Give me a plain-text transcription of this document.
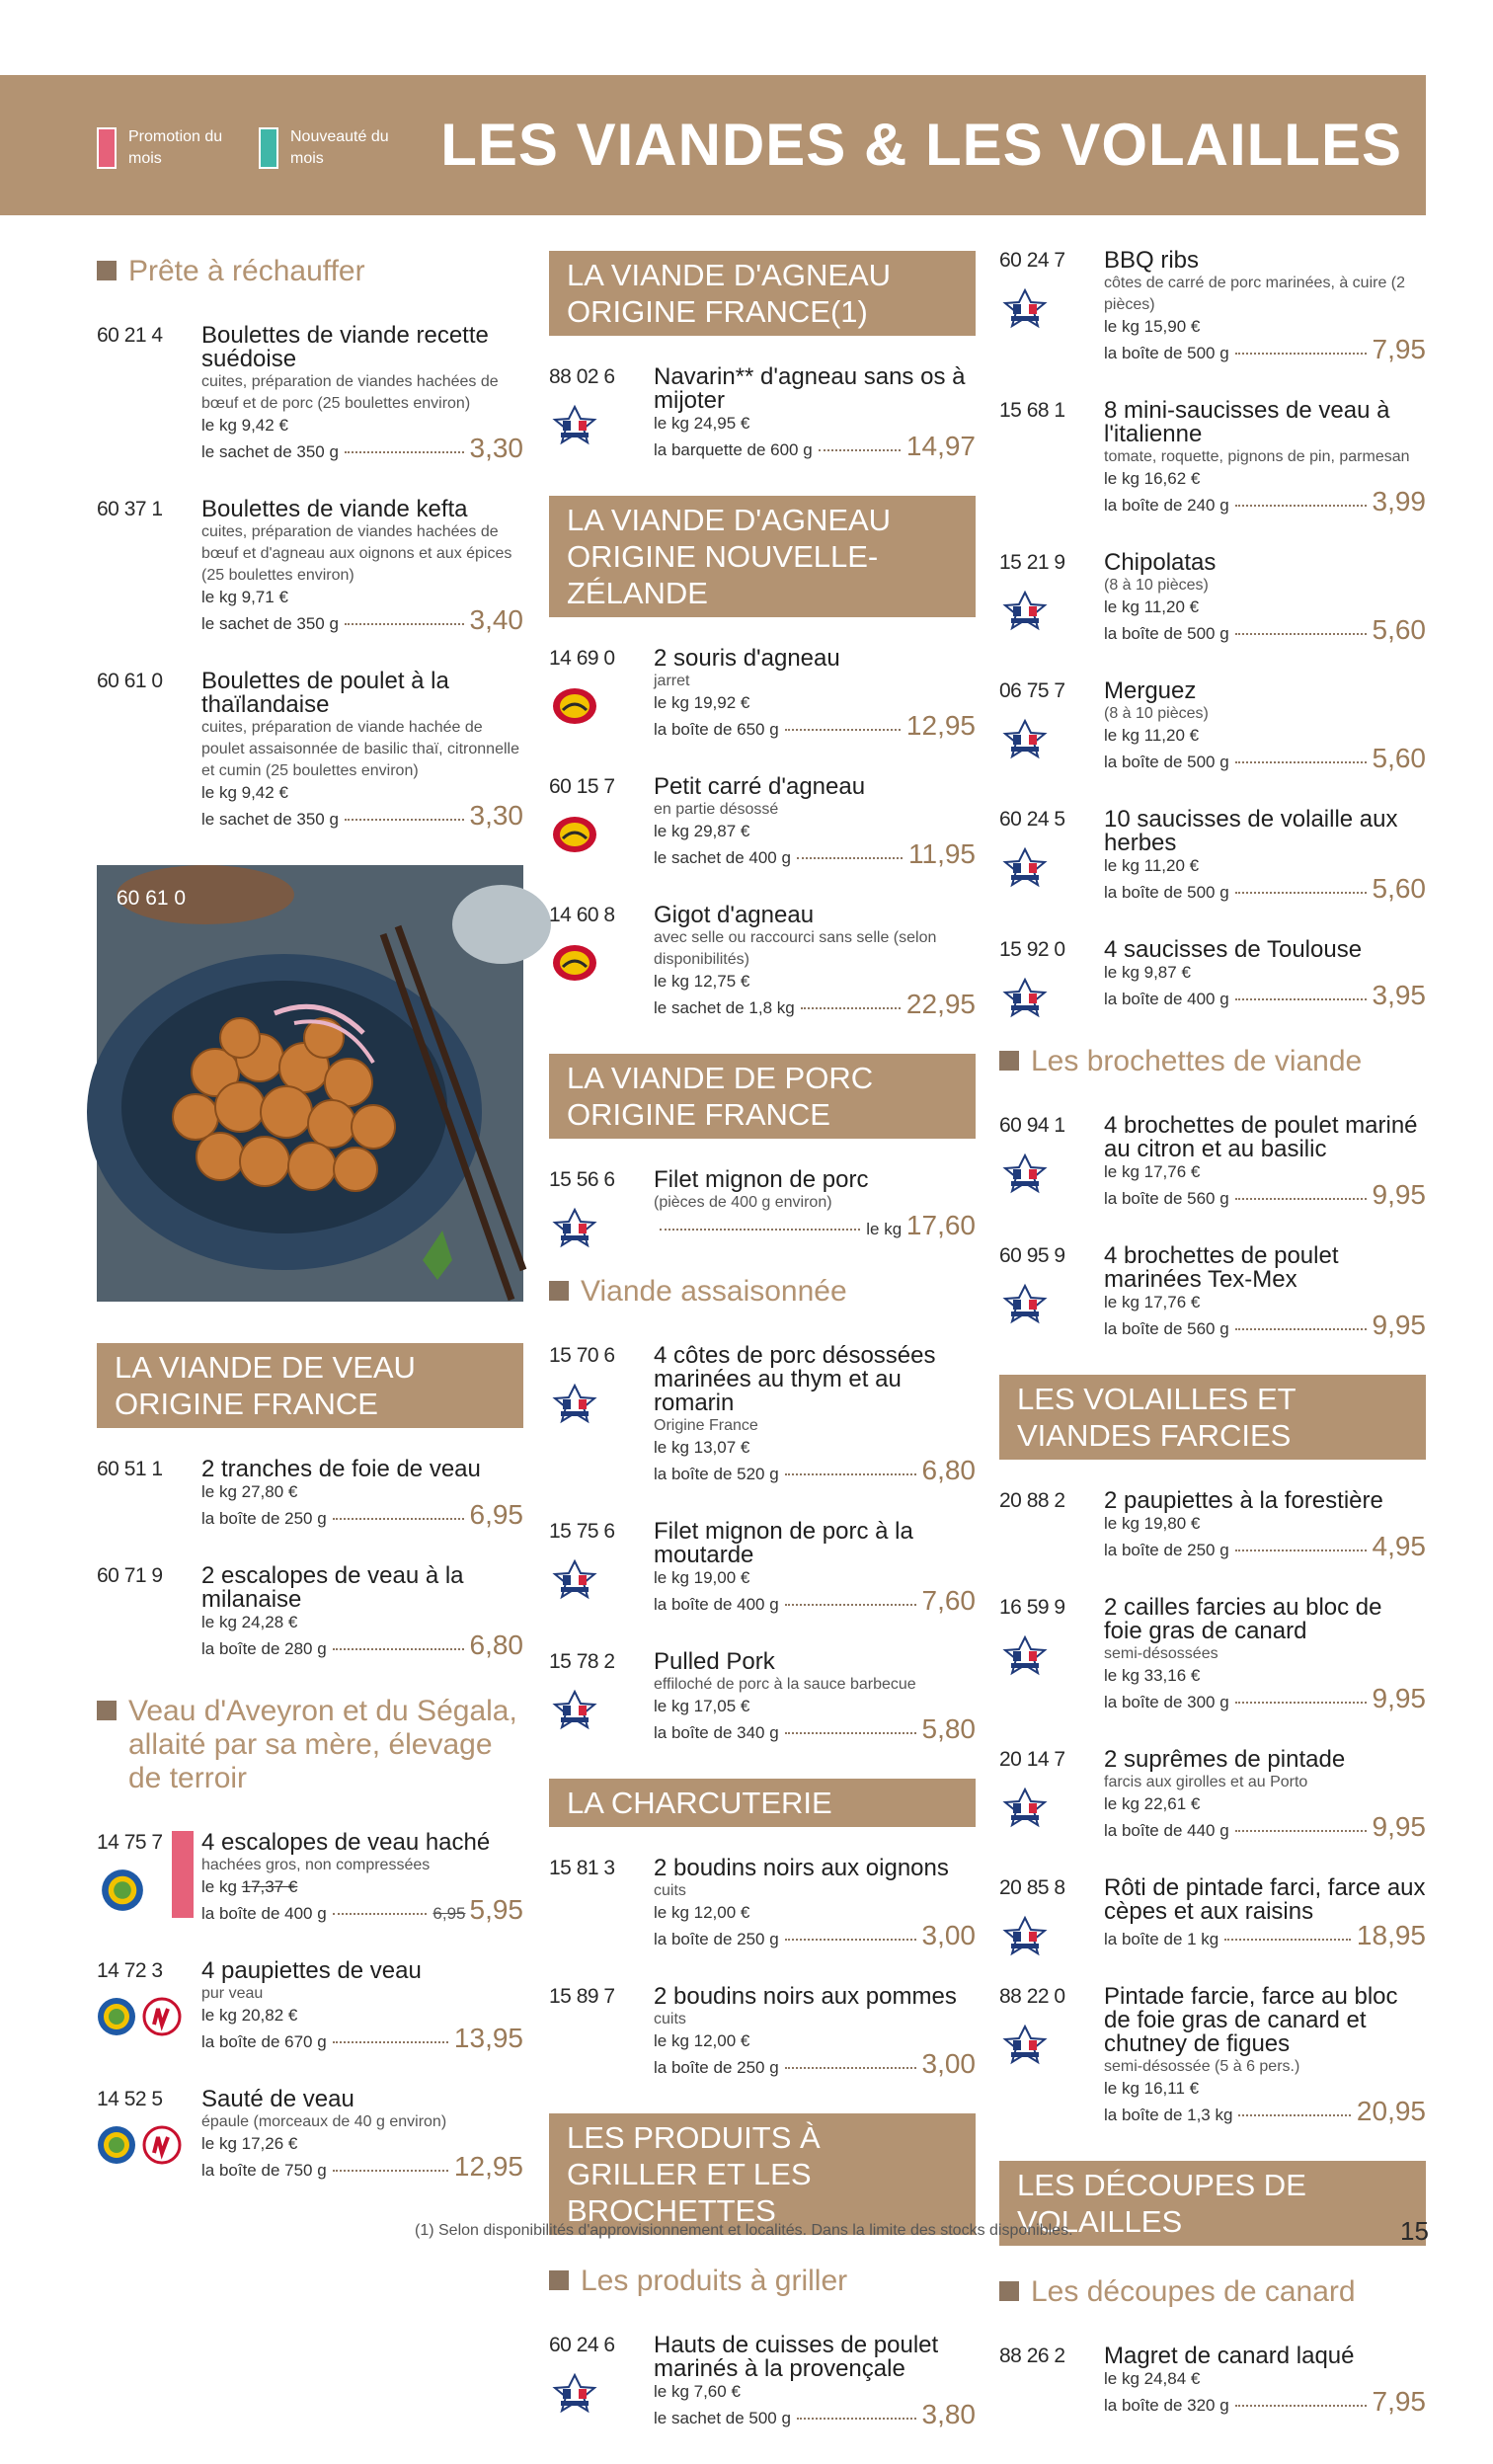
Promotion du mois
Nouveauté du mois	LES VIANDES & LES VOLAILLES
Prête à réchauffer
60 21 4 Boulettes de viande recette suédoise
cuites, préparation de viandes hachées de bœuf et de porc (25 boulettes environ)
le kg 9,42 €
le sachet de 350 g	3,30
60 37 1 Boulettes de viande kefta
cuites, préparation de viandes hachées de bœuf et d'agneau aux oignons et aux épices (25 boulettes environ)
le kg 9,71 €
le sachet de 350 g	3,40
60 61 0 Boulettes de poulet à la thaïlandaise
cuites, préparation de viande hachée de poulet assaisonnée de basilic thaï, citronnelle et cumin (25 boulettes environ)
le kg 9,42 €
le sachet de 350 g	3,30
60 61 0
LA VIANDE DE VEAU ORIGINE FRANCE
60 51 1 2 tranches de foie de veau
le kg 27,80 €
la boîte de 250 g	6,95
60 71 9 2 escalopes de veau à la milanaise
le kg 24,28 €
la boîte de 280 g	6,80
Veau d'Aveyron et du Ségala, allaité par sa mère, élevage de terroir
14 75 7 4 escalopes de veau haché
hachées gros, non compressées
le kg 17,37 €
la boîte de 400 g	6,95 5,95
14 72 3 4 paupiettes de veau
pur veau
le kg 20,82 €
la boîte de 670 g	13,95
14 52 5 Sauté de veau
épaule (morceaux de 40 g environ)
le kg 17,26 €
la boîte de 750 g	12,95
LA VIANDE D'AGNEAU ORIGINE FRANCE(1)
88 02 6 Navarin** d'agneau sans os à mijoter
le kg 24,95 €
la barquette de 600 g	14,97
LA VIANDE D'AGNEAU ORIGINE NOUVELLE-ZÉLANDE
14 69 0 2 souris d'agneau
jarret
le kg 19,92 €
la boîte de 650 g	12,95
60 15 7 Petit carré d'agneau
en partie désossé
le kg 29,87 €
le sachet de 400 g	11,95
14 60 8 Gigot d'agneau
avec selle ou raccourci sans selle (selon disponibilités)
le kg 12,75 €
le sachet de 1,8 kg	22,95
LA VIANDE DE PORC ORIGINE FRANCE
15 56 6 Filet mignon de porc
(pièces de 400 g environ)
le kg
17,60
Viande assaisonnée
15 70 6 4 côtes de porc désossées marinées au thym et au romarin
Origine France
le kg 13,07 €
la boîte de 520 g	6,80
15 75 6 Filet mignon de porc à la moutarde
le kg 19,00 €
la boîte de 400 g	7,60
15 78 2 Pulled Pork
effiloché de porc à la sauce barbecue
le kg 17,05 €
la boîte de 340 g	5,80
LA CHARCUTERIE
15 81 3 2 boudins noirs aux oignons
cuits
le kg 12,00 €
la boîte de 250 g	3,00
15 89 7 2 boudins noirs aux pommes
cuits
le kg 12,00 €
la boîte de 250 g	3,00
LES PRODUITS À GRILLER ET LES BROCHETTES
Les produits à griller
60 24 6 Hauts de cuisses de poulet marinés à la provençale
le kg 7,60 €
le sachet de 500 g	3,80
60 24 7 BBQ ribs
côtes de carré de porc marinées, à cuire (2 pièces)
le kg 15,90 €
la boîte de 500 g	7,95
15 68 1 8 mini-saucisses de veau à l'italienne
tomate, roquette, pignons de pin, parmesan
le kg 16,62 €
la boîte de 240 g	3,99
15 21 9 Chipolatas
(8 à 10 pièces)
le kg 11,20 €
la boîte de 500 g	5,60
06 75 7 Merguez
(8 à 10 pièces)
le kg 11,20 €
la boîte de 500 g	5,60
60 24 5 10 saucisses de volaille aux herbes
le kg 11,20 €
la boîte de 500 g	5,60
15 92 0 4 saucisses de Toulouse
le kg 9,87 €
la boîte de 400 g	3,95
Les brochettes de viande
60 94 1 4 brochettes de poulet mariné au citron et au basilic
le kg 17,76 €
la boîte de 560 g	9,95
60 95 9 4 brochettes de poulet marinées Tex-Mex
le kg 17,76 €
la boîte de 560 g	9,95
LES VOLAILLES ET VIANDES FARCIES
20 88 2 2 paupiettes à la forestière
le kg 19,80 €
la boîte de 250 g	4,95
16 59 9 2 cailles farcies au bloc de foie gras de canard
semi-désossées
le kg 33,16 €
la boîte de 300 g	9,95
20 14 7 2 suprêmes de pintade
farcis aux girolles et au Porto
le kg 22,61 €
la boîte de 440 g	9,95
20 85 8 Rôti de pintade farci, farce aux cèpes et aux raisins
la boîte de 1 kg	18,95
88 22 0 Pintade farcie, farce au bloc de foie gras de canard et chutney de figues
semi-désossée (5 à 6 pers.)
le kg 16,11 €
la boîte de 1,3 kg	20,95
LES DÉCOUPES DE VOLAILLES
Les découpes de canard
88 26 2 Magret de canard laqué
le kg 24,84 €
la boîte de 320 g	7,95
(1) Selon disponibilités d'approvisionnement et localités. Dans la limite des stocks disponibles.	15
